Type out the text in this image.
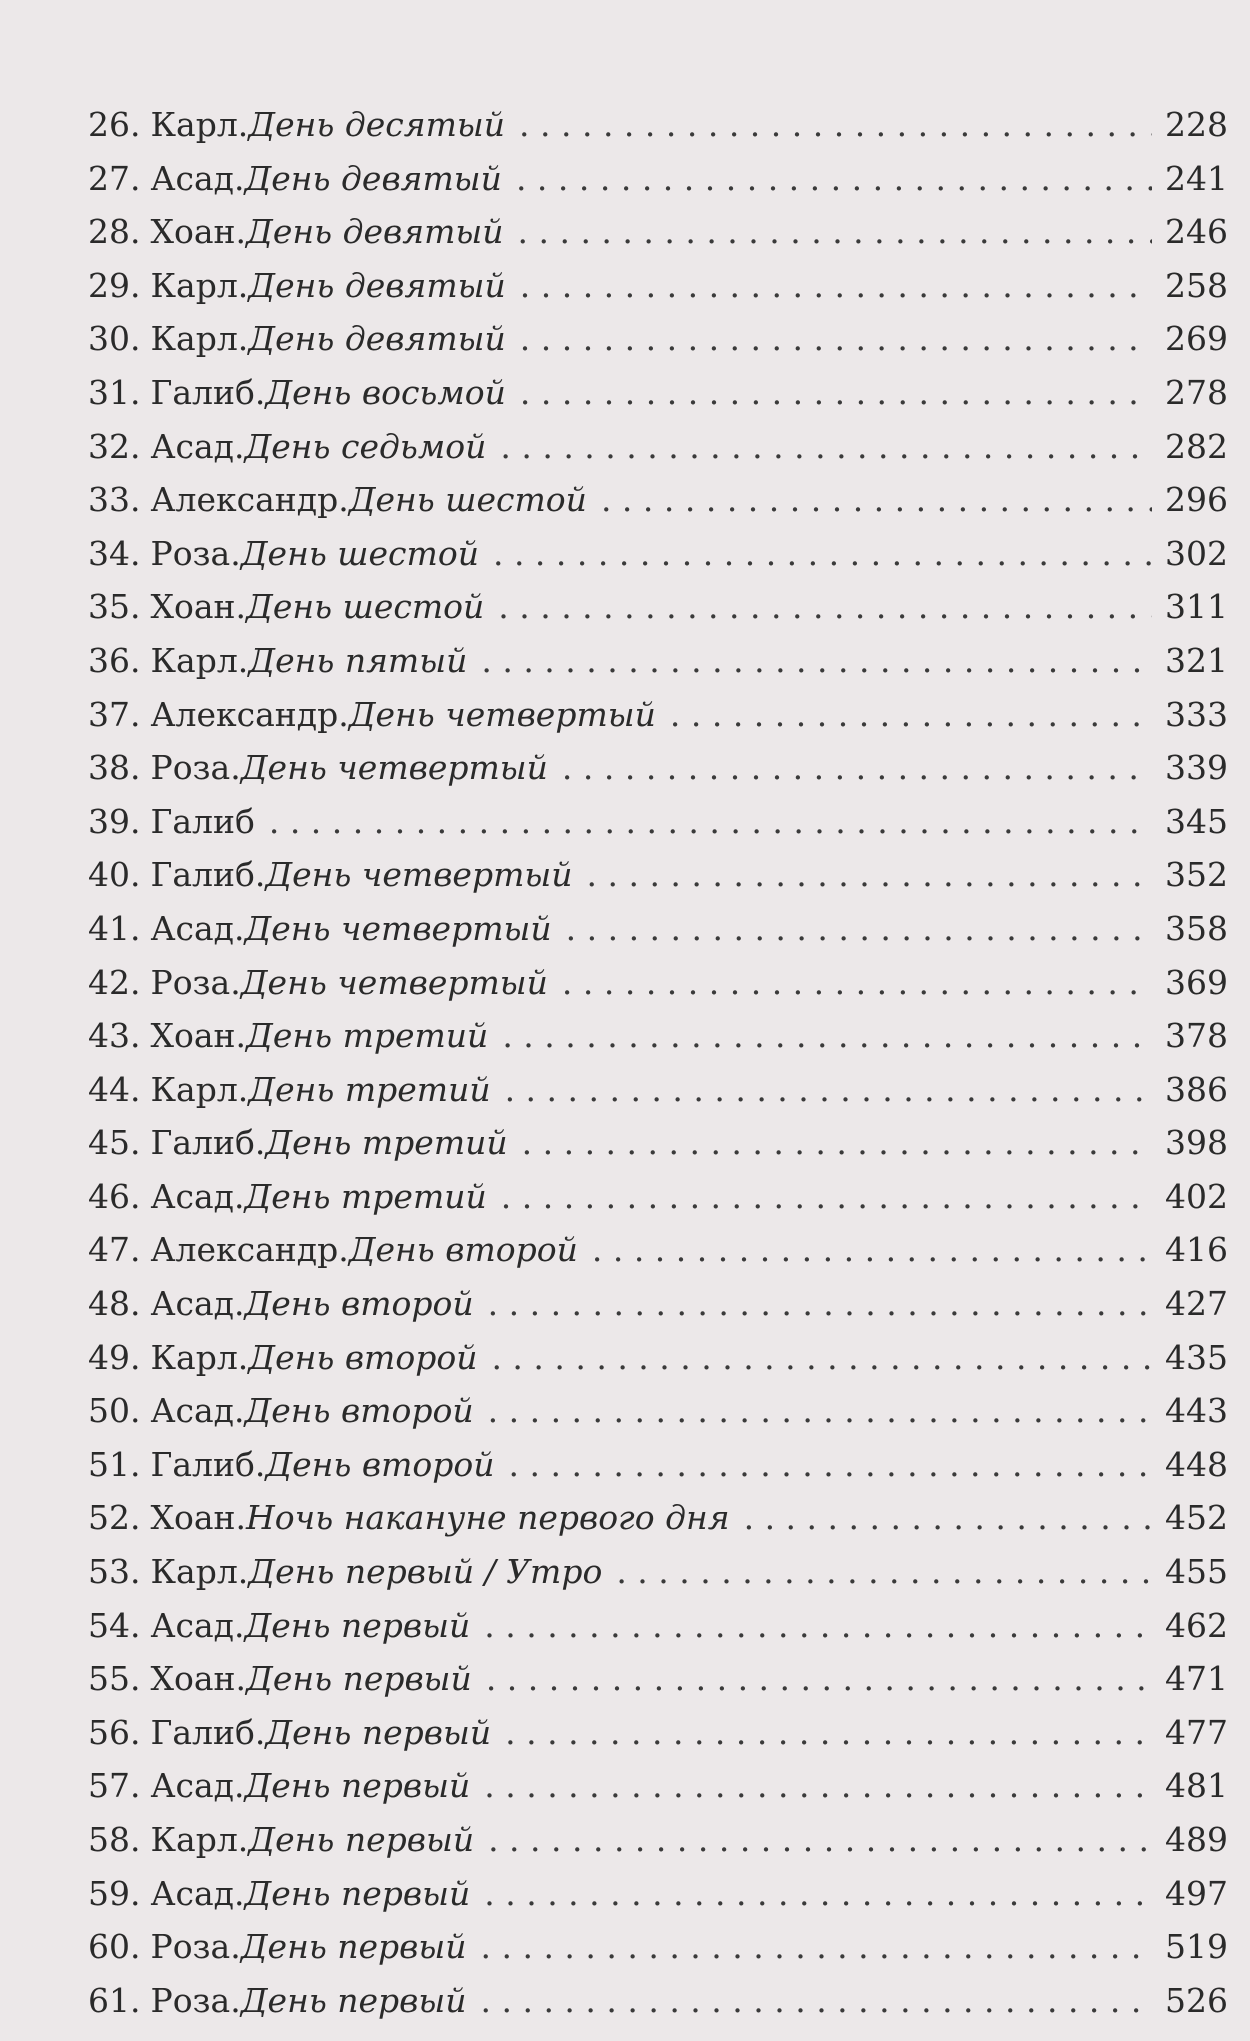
26. Карл. День десятый . . .	228
27. Асад. День девятый . . .	241
28. Хоан. День девятый . . .	246
29. Карл. День девятый . . .	258
30. Карл. День девятый . . .	269
31. Галиб. День восьмой . . .	278
32. Асад. День седьмой . . .	282
33. Александр. День шестой . . .	296
34. Роза. День шестой . . .	302
35. Хоан. День шестой . . .	311
36. Карл. День пятый . . .	321
37. Александр. День четвертый . . .	333
38. Роза. День четвертый . . .	339
39. Галиб . . .	345
40. Галиб. День четвертый . . .	352
41. Асад. День четвертый . . .	358
42. Роза. День четвертый . . .	369
43. Хоан. День третий . . .	378
44. Карл. День третий . . .	386
45. Галиб. День третий . . .	398
46. Асад. День третий . . .	402
47. Александр. День второй . . .	416
48. Асад. День второй . . .	427
49. Карл. День второй . . .	435
50. Асад. День второй . . .	443
51. Галиб. День второй . . .	448
52. Хоан. Ночь накануне первого дня . . .	452
53. Карл. День первый / Утро . . .	455
54. Асад. День первый . . .	462
55. Хоан. День первый . . .	471
56. Галиб. День первый . . .	477
57. Асад. День первый . . .	481
58. Карл. День первый . . .	489
59. Асад. День первый . . .	497
60. Роза. День первый . . .	519
61. Роза. День первый . . .	526
